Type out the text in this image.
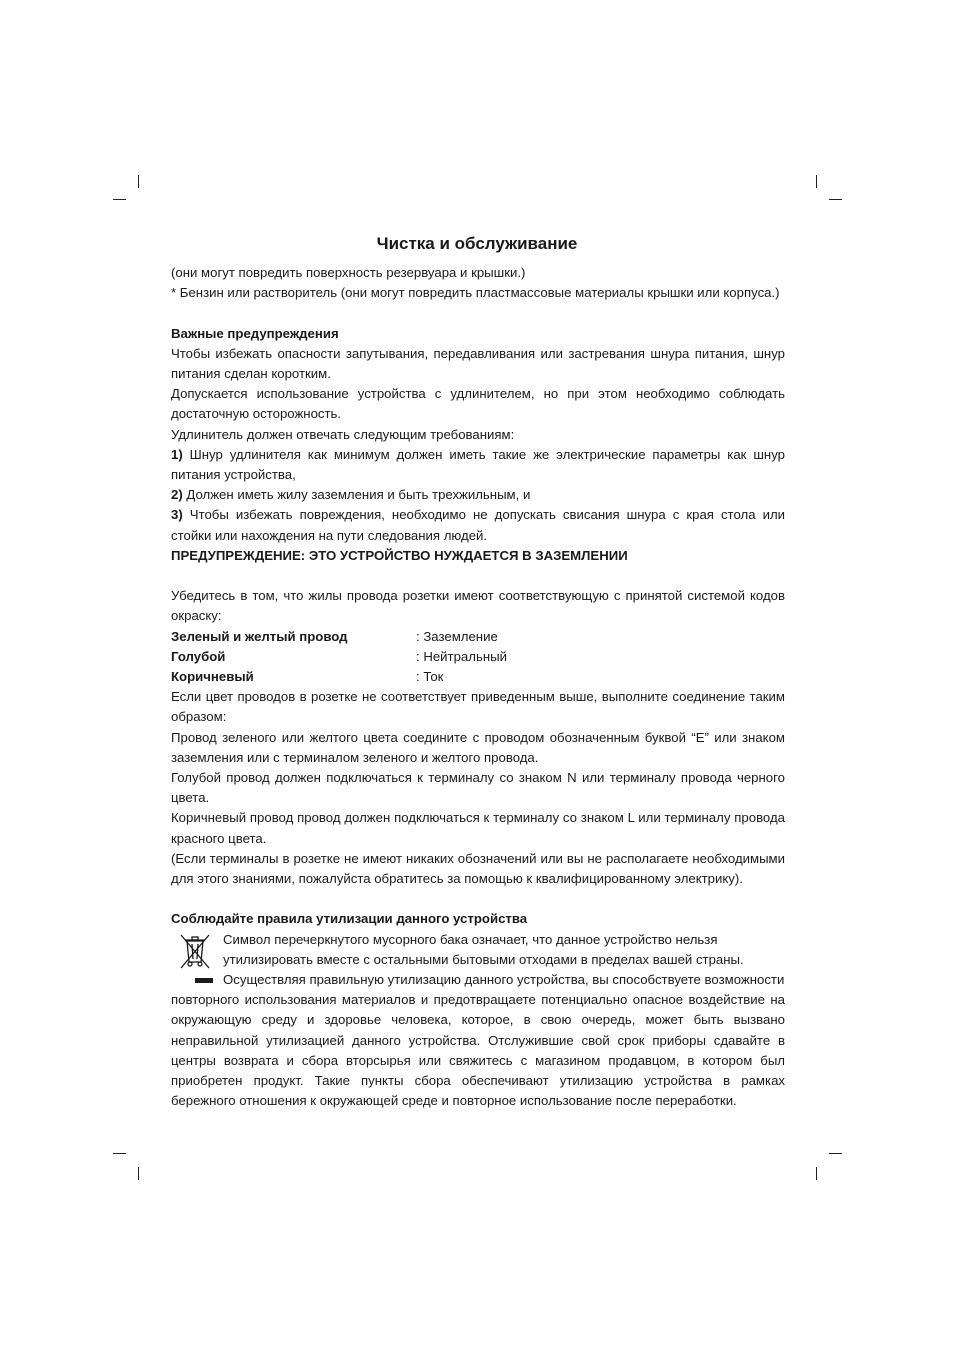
Чистка и обслуживание

(они могут повредить поверхность резервуара и крышки.)

* Бензин или растворитель (они могут повредить пластмассовые материалы крышки или корпуса.)

Важные предупреждения

Чтобы избежать опасности запутывания, передавливания или застревания шнура питания, шнур питания сделан коротким.

Допускается использование устройства с удлинителем, но при этом необходимо соблюдать достаточную осторожность.

Удлинитель должен отвечать следующим требованиям:

1) Шнур удлинителя как минимум должен иметь такие же электрические параметры как шнур питания устройства,

2) Должен иметь жилу заземления и быть трехжильным, и

3) Чтобы избежать повреждения, необходимо не допускать свисания шнура с края стола или стойки или нахождения на пути следования людей.

ПРЕДУПРЕЖДЕНИЕ: ЭТО УСТРОЙСТВО НУЖДАЕТСЯ В ЗАЗЕМЛЕНИИ

Убедитесь в том, что жилы провода розетки имеют соответствующую с принятой системой кодов окраску:

Зеленый и желтый провод	: Заземление
Голубой	: Нейтральный
Коричневый	: Ток

Если цвет проводов в розетке не соответствует приведенным выше, выполните соединение таким образом:

Провод зеленого или желтого цвета соедините с проводом обозначенным буквой “E” или знаком заземления или с терминалом зеленого и желтого провода.

Голубой провод должен подключаться к терминалу со знаком N или терминалу провода черного цвета.

Коричневый провод провод должен подключаться к терминалу со знаком L или терминалу провода красного цвета.

(Если терминалы в розетке не имеют никаких обозначений или вы не располагаете необходимыми для этого знаниями, пожалуйста обратитесь за помощью к квалифицированному электрику).

Соблюдайте правила утилизации данного устройства

Символ перечеркнутого мусорного бака означает, что данное устройство нельзя

утилизировать вместе с остальными бытовыми отходами в пределах вашей страны.

Осуществляя правильную утилизацию данного устройства, вы способствуете возможности

повторного использования материалов и предотвращаете потенциально опасное воздействие на окружающую среду и здоровье человека, которое, в свою очередь, может быть вызвано неправильной утилизацией данного устройства. Отслужившие свой срок приборы сдавайте в центры возврата и сбора вторсырья или свяжитесь с магазином продавцом, в котором был приобретен продукт. Такие пункты сбора обеспечивают утилизацию устройства в рамках бережного отношения к окружающей среде и повторное использование после переработки.
